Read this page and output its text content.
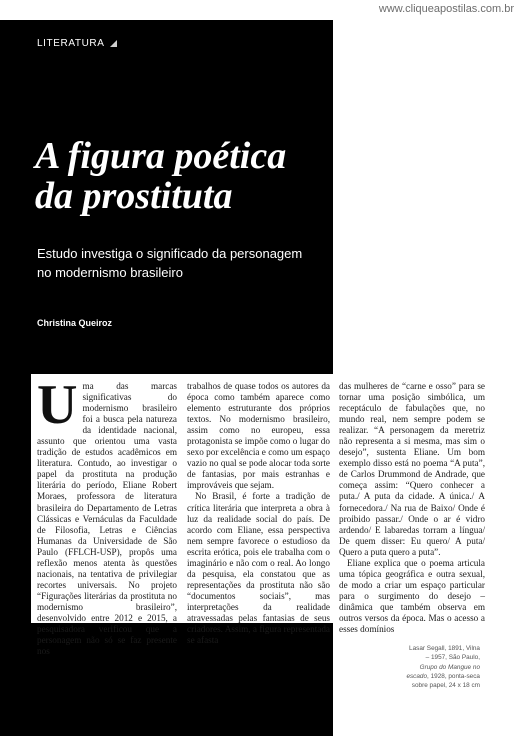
www.cliqueapostilas.com.br
LITERATURA
A figura poética
da prostituta
Estudo investiga o significado da personagem
no modernismo brasileiro
Christina Queiroz
U ma das marcas significativas do modernismo brasileiro foi a busca pela natureza da identidade nacional, assunto que orientou uma vasta tradição de estudos acadêmicos em literatura. Contudo, ao investigar o papel da prostituta na produção literária do período, Eliane Robert Moraes, professora de literatura brasileira do Departamento de Letras Clássicas e Vernáculas da Faculdade de Filosofia, Letras e Ciências Humanas da Universidade de São Paulo (FFLCH-USP), propôs uma reflexão menos atenta às questões nacionais, na tentativa de privilegiar recortes universais. No projeto “Figurações literárias da prostituta no modernismo brasileiro”, desenvolvido entre 2012 e 2015, a pesquisadora verificou que a personagem não só se faz presente nos

trabalhos de quase todos os autores da época como também aparece como elemento estruturante dos próprios textos. No modernismo brasileiro, assim como no europeu, essa protagonista se impõe como o lugar do sexo por excelência e como um espaço vazio no qual se pode alocar toda sorte de fantasias, por mais estranhas e improváveis que sejam.

No Brasil, é forte a tradição de crítica literária que interpreta a obra à luz da realidade social do país. De acordo com Eliane, essa perspectiva nem sempre favorece o estudioso da escrita erótica, pois ele trabalha com o imaginário e não com o real. Ao longo da pesquisa, ela constatou que as representações da prostituta não são “documentos sociais”, mas interpretações da realidade atravessadas pelas fantasias de seus criadores. Assim, a figura representada se afasta

das mulheres de “carne e osso” para se tornar uma posição simbólica, um receptáculo de fabulações que, no mundo real, nem sempre podem se realizar. “A personagem da meretriz não representa a si mesma, mas sim o desejo”, sustenta Eliane. Um bom exemplo disso está no poema “A puta”, de Carlos Drummond de Andrade, que começa assim: “Quero conhecer a puta./ A puta da cidade. A única./ A fornecedora./ Na rua de Baixo/ Onde é proibido passar./ Onde o ar é vidro ardendo/ E labaredas torram a língua/ De quem disser: Eu quero/ A puta/ Quero a puta quero a puta”.

Eliane explica que o poema articula uma tópica geográfica e outra sexual, de modo a criar um espaço particular para o surgimento do desejo – dinâmica que também observa em outros versos da época. Mas o acesso a esses domínios

Lasar Segall, 1891, Vilna
– 1957, São Paulo,
Grupo do Mangue no
escado, 1928, ponta-seca
sobre papel, 24 x 18 cm
